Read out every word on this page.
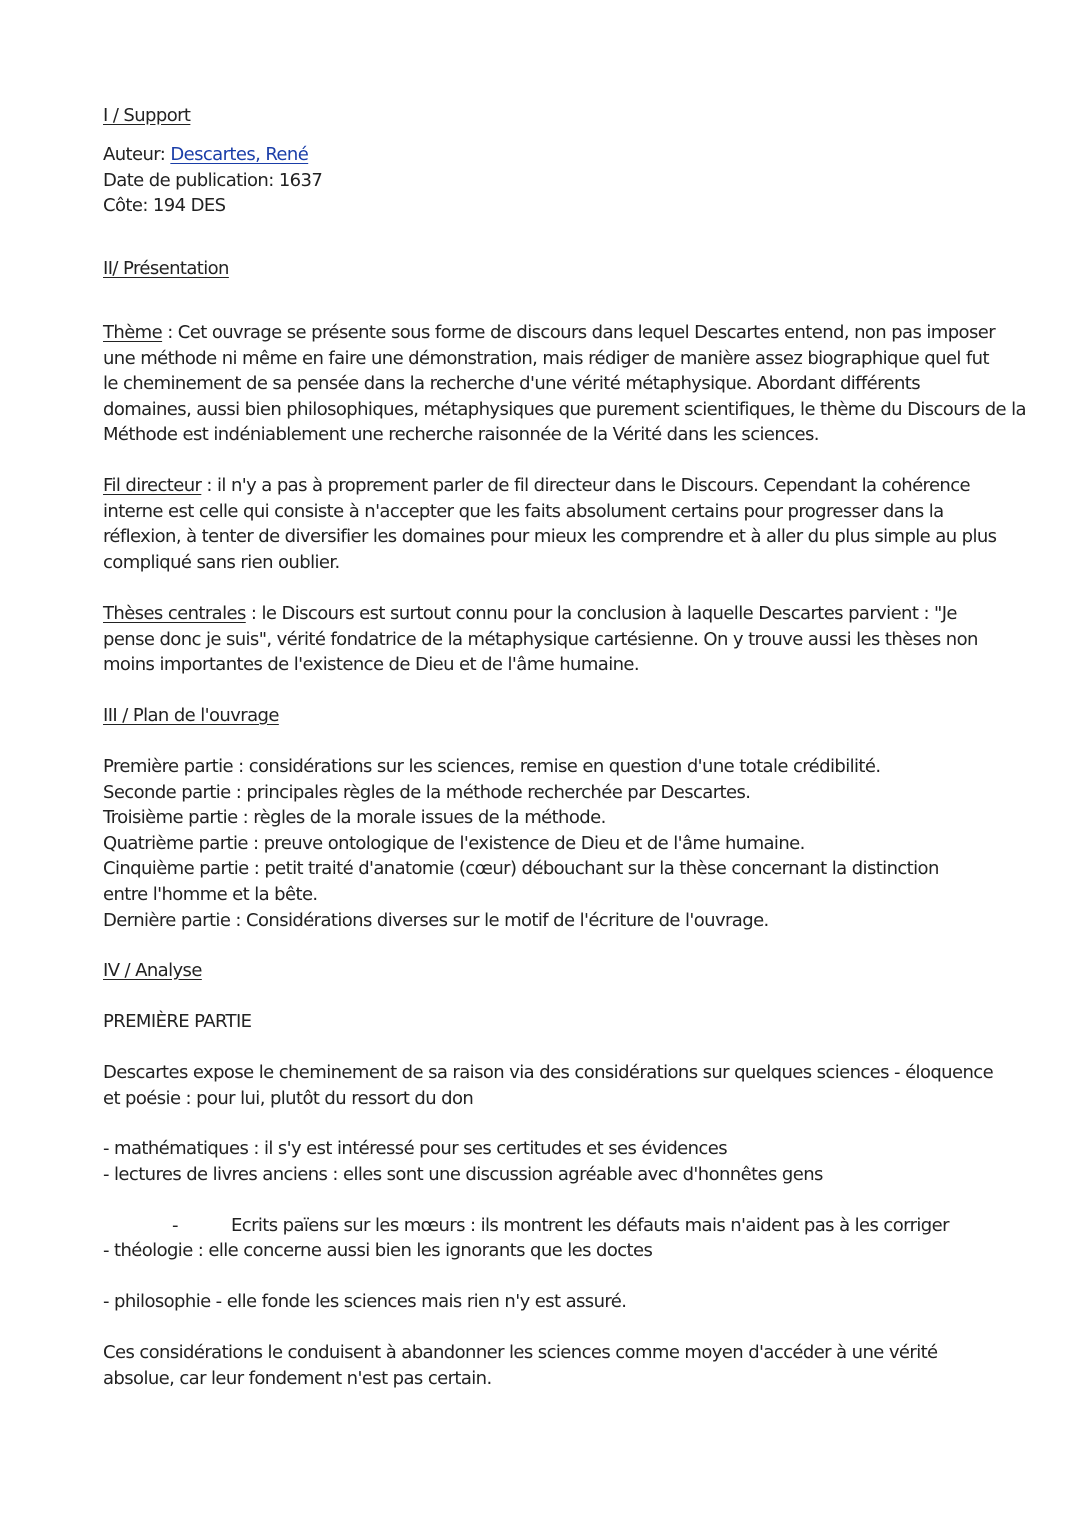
I / Support
Auteur: Descartes, René
Date de publication: 1637
Côte: 194 DES
II/ Présentation
Thème : Cet ouvrage se présente sous forme de discours dans lequel Descartes entend, non pas imposer
une méthode ni même en faire une démonstration, mais rédiger de manière assez biographique quel fut
le cheminement de sa pensée dans la recherche d'une vérité métaphysique. Abordant différents
domaines, aussi bien philosophiques, métaphysiques que purement scientifiques, le thème du Discours de la
Méthode est indéniablement une recherche raisonnée de la Vérité dans les sciences.
Fil directeur : il n'y a pas à proprement parler de fil directeur dans le Discours. Cependant la cohérence
interne est celle qui consiste à n'accepter que les faits absolument certains pour progresser dans la
réflexion, à tenter de diversifier les domaines pour mieux les comprendre et à aller du plus simple au plus
compliqué sans rien oublier.
Thèses centrales : le Discours est surtout connu pour la conclusion à laquelle Descartes parvient : "Je
pense donc je suis", vérité fondatrice de la métaphysique cartésienne. On y trouve aussi les thèses non
moins importantes de l'existence de Dieu et de l'âme humaine.
III / Plan de l'ouvrage
Première partie : considérations sur les sciences, remise en question d'une totale crédibilité.
Seconde partie : principales règles de la méthode recherchée par Descartes.
Troisième partie : règles de la morale issues de la méthode.
Quatrième partie : preuve ontologique de l'existence de Dieu et de l'âme humaine.
Cinquième partie : petit traité d'anatomie (cœur) débouchant sur la thèse concernant la distinction
entre l'homme et la bête.
Dernière partie : Considérations diverses sur le motif de l'écriture de l'ouvrage.
IV / Analyse
PREMIÈRE PARTIE
Descartes expose le cheminement de sa raison via des considérations sur quelques sciences - éloquence
et poésie : pour lui, plutôt du ressort du don
- mathématiques : il s'y est intéressé pour ses certitudes et ses évidences
- lectures de livres anciens : elles sont une discussion agréable avec d'honnêtes gens
-	Ecrits païens sur les mœurs : ils montrent les défauts mais n'aident pas à les corriger
- théologie : elle concerne aussi bien les ignorants que les doctes
- philosophie - elle fonde les sciences mais rien n'y est assuré.
Ces considérations le conduisent à abandonner les sciences comme moyen d'accéder à une vérité
absolue, car leur fondement n'est pas certain.
